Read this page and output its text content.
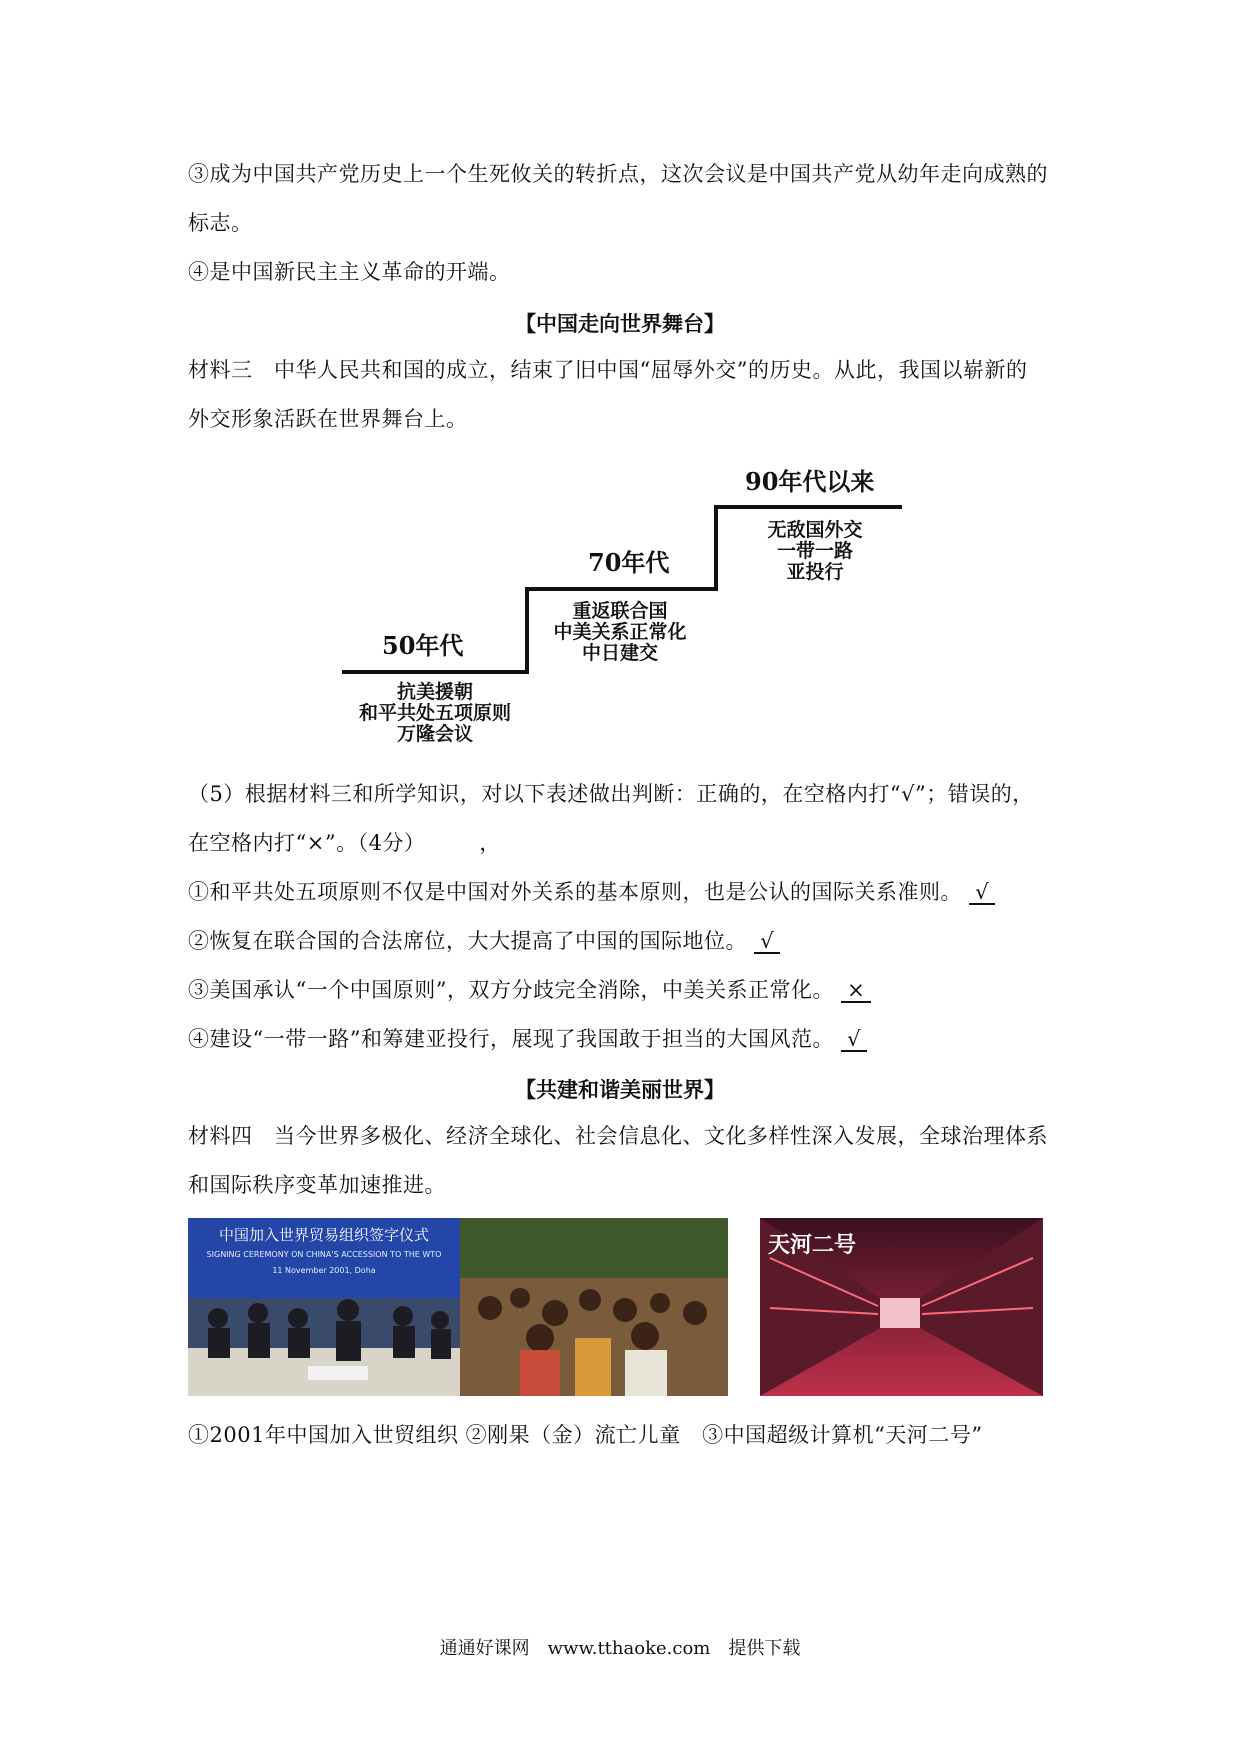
③成为中国共产党历史上一个生死攸关的转折点，这次会议是中国共产党从幼年走向成熟的
标志。
④是中国新民主主义革命的开端。
【中国走向世界舞台】
材料三　中华人民共和国的成立，结束了旧中国“屈辱外交”的历史。从此，我国以崭新的
外交形象活跃在世界舞台上。
50年代
抗美援朝
和平共处五项原则
万隆会议
70年代
重返联合国
中美关系正常化
中日建交
90年代以来
无敌国外交
一带一路
亚投行
（5）根据材料三和所学知识，对以下表述做出判断：正确的，在空格内打“√”；错误的，
在空格内打“×”。（4分）　　　，
①和平共处五项原则不仅是中国对外关系的基本原则，也是公认的国际关系准则。 √
②恢复在联合国的合法席位，大大提高了中国的国际地位。 √
③美国承认“一个中国原则”，双方分歧完全消除，中美关系正常化。 ×
④建设“一带一路”和筹建亚投行，展现了我国敢于担当的大国风范。 √
【共建和谐美丽世界】
材料四　当今世界多极化、经济全球化、社会信息化、文化多样性深入发展，全球治理体系
和国际秩序变革加速推进。
中国加入世界贸易组织签字仪式
SIGNING CEREMONY ON CHINA'S ACCESSION TO THE WTO
11 November 2001, Doha
天河二号
①2001年中国加入世贸组织 ②刚果（金）流亡儿童　③中国超级计算机“天河二号”
通通好课网　www.tthaoke.com　提供下载
